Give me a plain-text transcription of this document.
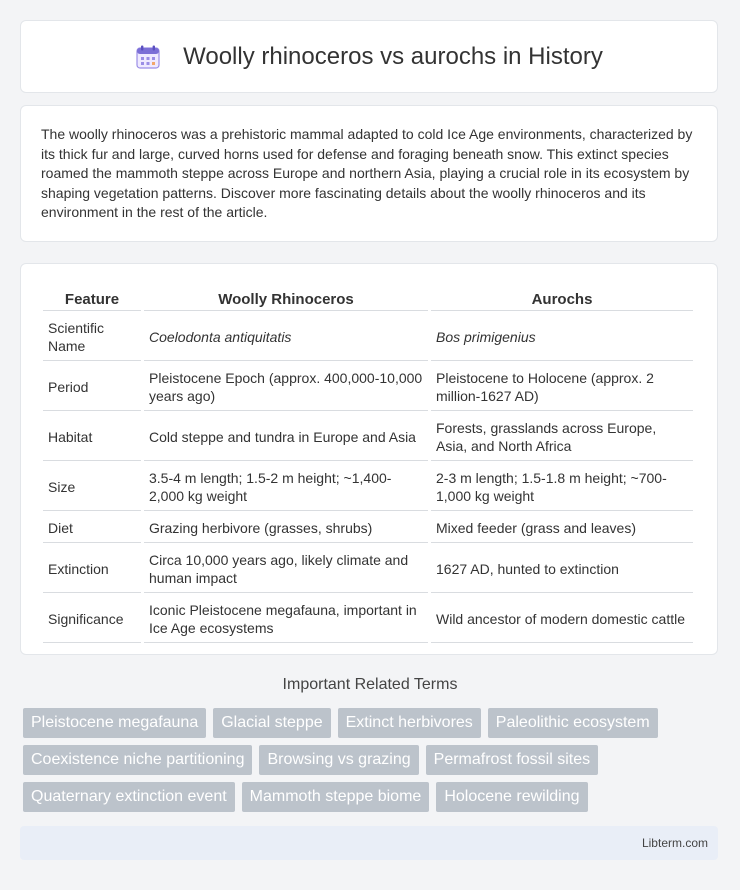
Woolly rhinoceros vs aurochs in History

The woolly rhinoceros was a prehistoric mammal adapted to cold Ice Age environments, characterized by its thick fur and large, curved horns used for defense and foraging beneath snow. This extinct species roamed the mammoth steppe across Europe and northern Asia, playing a crucial role in its ecosystem by shaping vegetation patterns. Discover more fascinating details about the woolly rhinoceros and its environment in the rest of the article.

Feature	Woolly Rhinoceros	Aurochs
Scientific Name	Coelodonta antiquitatis	Bos primigenius
Period	Pleistocene Epoch (approx. 400,000-10,000 years ago)	Pleistocene to Holocene (approx. 2 million-1627 AD)
Habitat	Cold steppe and tundra in Europe and Asia	Forests, grasslands across Europe, Asia, and North Africa
Size	3.5-4 m length; 1.5-2 m height; ~1,400-2,000 kg weight	2-3 m length; 1.5-1.8 m height; ~700-1,000 kg weight
Diet	Grazing herbivore (grasses, shrubs)	Mixed feeder (grass and leaves)
Extinction	Circa 10,000 years ago, likely climate and human impact	1627 AD, hunted to extinction
Significance	Iconic Pleistocene megafauna, important in Ice Age ecosystems	Wild ancestor of modern domestic cattle
Important Related Terms
Pleistocene megafauna	Glacial steppe	Extinct herbivores	Paleolithic ecosystem
Coexistence niche partitioning	Browsing vs grazing	Permafrost fossil sites
Quaternary extinction event	Mammoth steppe biome	Holocene rewilding
Libterm.com
